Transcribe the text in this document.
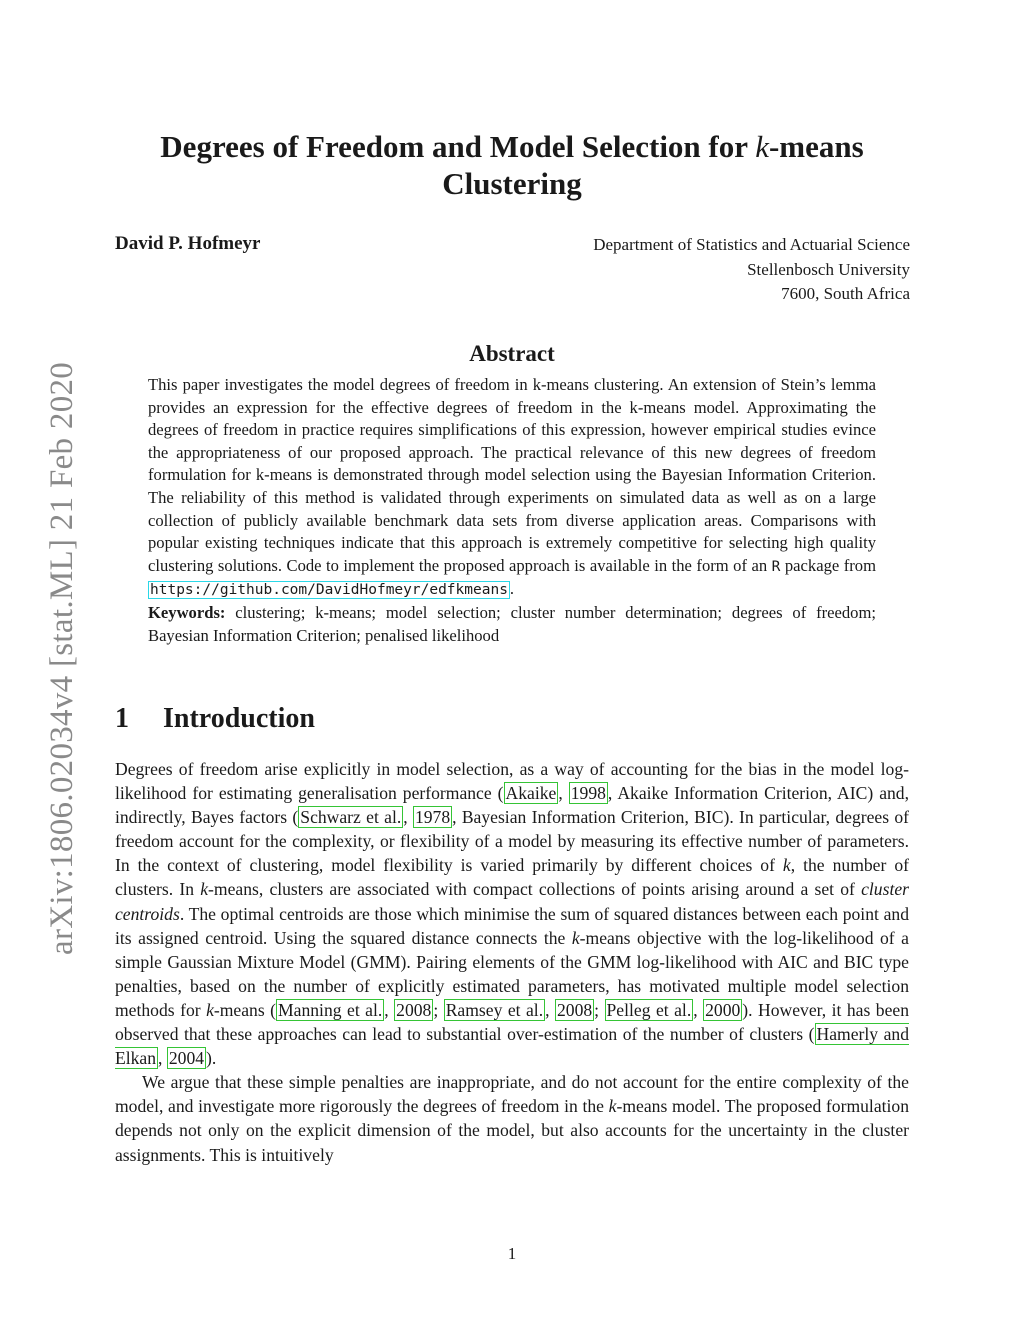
arXiv:1806.02034v4 [stat.ML] 21 Feb 2020
Degrees of Freedom and Model Selection for k-means
Clustering
David P. Hofmeyr	Department of Statistics and Actuarial Science
Stellenbosch University
7600, South Africa
Abstract
This paper investigates the model degrees of freedom in k-means clustering. An extension of Stein’s lemma provides an expression for the effective degrees of freedom in the k-means model. Approximating the degrees of freedom in practice requires simplifications of this expression, however empirical studies evince the appropriateness of our proposed approach. The practical relevance of this new degrees of freedom formulation for k-means is demonstrated through model selection using the Bayesian Information Criterion. The reliability of this method is validated through experiments on simulated data as well as on a large collection of publicly available benchmark data sets from diverse application areas. Comparisons with popular existing techniques indicate that this approach is extremely competitive for selecting high quality clustering solutions. Code to implement the proposed approach is available in the form of an R package from https://github.com/DavidHofmeyr/edfkmeans .
Keywords: clustering; k-means; model selection; cluster number determination; degrees of freedom; Bayesian Information Criterion; penalised likelihood
1 Introduction

Degrees of freedom arise explicitly in model selection, as a way of accounting for the bias in the model log-likelihood for estimating generalisation performance ( Akaike , 1998 , Akaike Information Criterion, AIC) and, indirectly, Bayes factors ( Schwarz et al. , 1978 , Bayesian Information Criterion, BIC). In particular, degrees of freedom account for the complexity, or flexibility of a model by measuring its effective number of parameters. In the context of clustering, model flexibility is varied primarily by different choices of k, the number of clusters. In k-means, clusters are associated with compact collections of points arising around a set of cluster centroids. The optimal centroids are those which minimise the sum of squared distances between each point and its assigned centroid. Using the squared distance connects the k-means objective with the log-likelihood of a simple Gaussian Mixture Model (GMM). Pairing elements of the GMM log-likelihood with AIC and BIC type penalties, based on the number of explicitly estimated parameters, has motivated multiple model selection methods for k-means ( Manning et al. , 2008 ; Ramsey et al. , 2008 ; Pelleg et al. , 2000 ). However, it has been observed that these approaches can lead to substantial over-estimation of the number of clusters ( Hamerly and Elkan , 2004 ).

We argue that these simple penalties are inappropriate, and do not account for the entire complexity of the model, and investigate more rigorously the degrees of freedom in the k-means model. The proposed formulation depends not only on the explicit dimension of the model, but also accounts for the uncertainty in the cluster assignments. This is intuitively

1
